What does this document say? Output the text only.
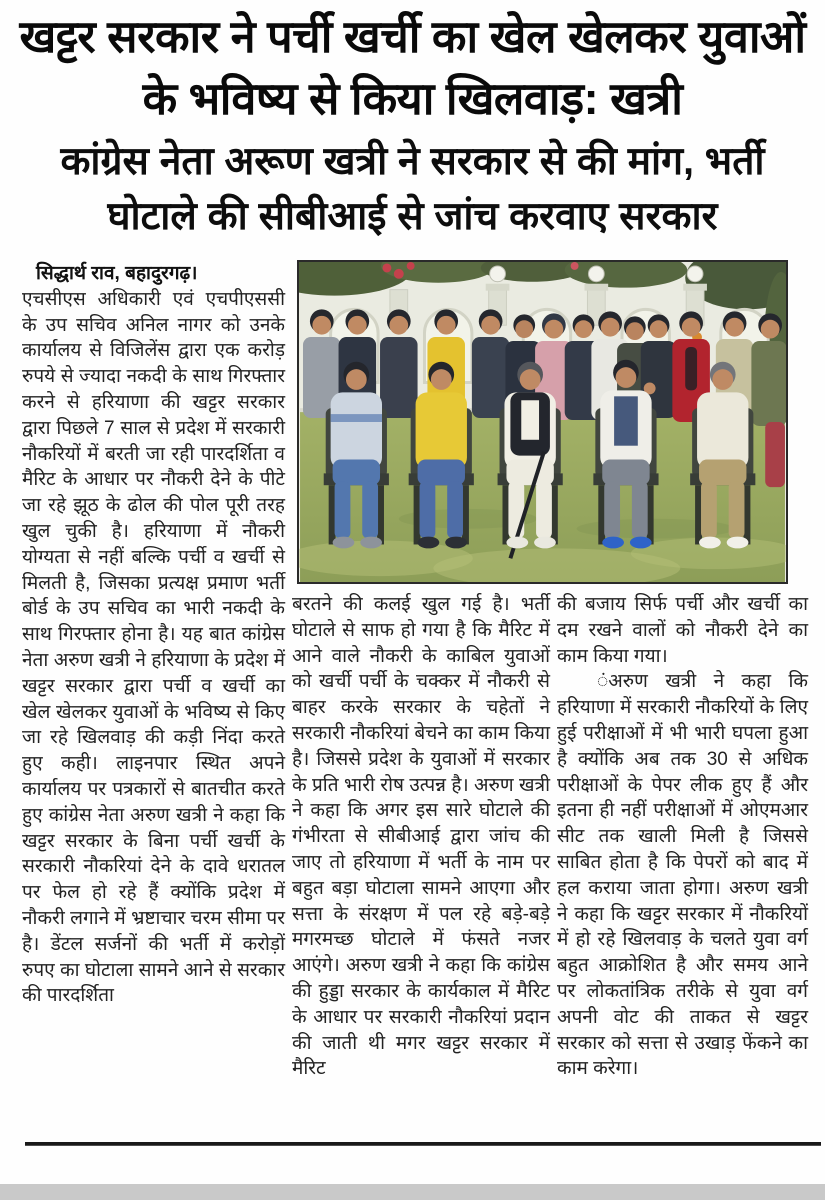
खट्टर सरकार ने पर्ची खर्ची का खेल खेलकर युवाओं के भविष्य से किया खिलवाड़: खत्री
कांग्रेस नेता अरूण खत्री ने सरकार से की मांग, भर्ती घोटाले की सीबीआई से जांच करवाए सरकार
सिद्धार्थ राव, बहादुरगढ़।
एचसीएस अधिकारी एवं एचपीएससी के उप सचिव अनिल नागर को उनके कार्यालय से विजिलेंस द्वारा एक करोड़ रुपये से ज्यादा नकदी के साथ गिरफ्तार करने से हरियाणा की खट्टर सरकार द्वारा पिछले 7 साल से प्रदेश में सरकारी नौकरियों में बरती जा रही पारदर्शिता व मैरिट के आधार पर नौकरी देने के पीटे जा रहे झूठ के ढोल की पोल पूरी तरह खुल चुकी है। हरियाणा में नौकरी योग्यता से नहीं बल्कि पर्ची व खर्ची से मिलती है, जिसका प्रत्यक्ष प्रमाण भर्ती बोर्ड के उप सचिव का भारी नकदी के साथ गिरफ्तार होना है। यह बात कांग्रेस नेता अरुण खत्री ने हरियाणा के प्रदेश में खट्टर सरकार द्वारा पर्ची व खर्ची का खेल खेलकर युवाओं के भविष्य से किए जा रहे खिलवाड़ की कड़ी निंदा करते हुए कही। लाइनपार स्थित अपने कार्यालय पर पत्रकारों से बातचीत करते हुए कांग्रेस नेता अरुण खत्री ने कहा कि खट्टर सरकार के बिना पर्ची खर्ची के सरकारी नौकरियां देने के दावे धरातल पर फेल हो रहे हैं क्योंकि प्रदेश में नौकरी लगाने में भ्रष्टाचार चरम सीमा पर है। डेंटल सर्जनों की भर्ती में करोड़ों रुपए का घोटाला सामने आने से सरकार की पारदर्शिता
बरतने की कलई खुल गई है। भर्ती घोटाले से साफ हो गया है कि मैरिट में आने वाले नौकरी के काबिल युवाओं को खर्ची पर्ची के चक्कर में नौकरी से बाहर करके सरकार के चहेतों ने सरकारी नौकरियां बेचने का काम किया है। जिससे प्रदेश के युवाओं में सरकार के प्रति भारी रोष उत्पन्न है। अरुण खत्री ने कहा कि अगर इस सारे घोटाले की गंभीरता से सीबीआई द्वारा जांच की जाए तो हरियाणा में भर्ती के नाम पर बहुत बड़ा घोटाला सामने आएगा और सत्ता के संरक्षण में पल रहे बड़े-बड़े मगरमच्छ घोटाले में फंसते नजर आएंगे। अरुण खत्री ने कहा कि कांग्रेस की हुड्डा सरकार के कार्यकाल में मैरिट के आधार पर सरकारी नौकरियां प्रदान की जाती थी मगर खट्टर सरकार में मैरिट
की बजाय सिर्फ पर्ची और खर्ची का दम रखने वालों को नौकरी देने का काम किया गया।
ंअरुण खत्री ने कहा कि हरियाणा में सरकारी नौकरियों के लिए हुई परीक्षाओं में भी भारी घपला हुआ है क्योंकि अब तक 30 से अधिक परीक्षाओं के पेपर लीक हुए हैं और इतना ही नहीं परीक्षाओं में ओएमआर सीट तक खाली मिली है जिससे साबित होता है कि पेपरों को बाद में हल कराया जाता होगा। अरुण खत्री ने कहा कि खट्टर सरकार में नौकरियों में हो रहे खिलवाड़ के चलते युवा वर्ग बहुत आक्रोशित है और समय आने पर लोकतांत्रिक तरीके से युवा वर्ग अपनी वोट की ताकत से खट्टर सरकार को सत्ता से उखाड़ फेंकने का काम करेगा।
